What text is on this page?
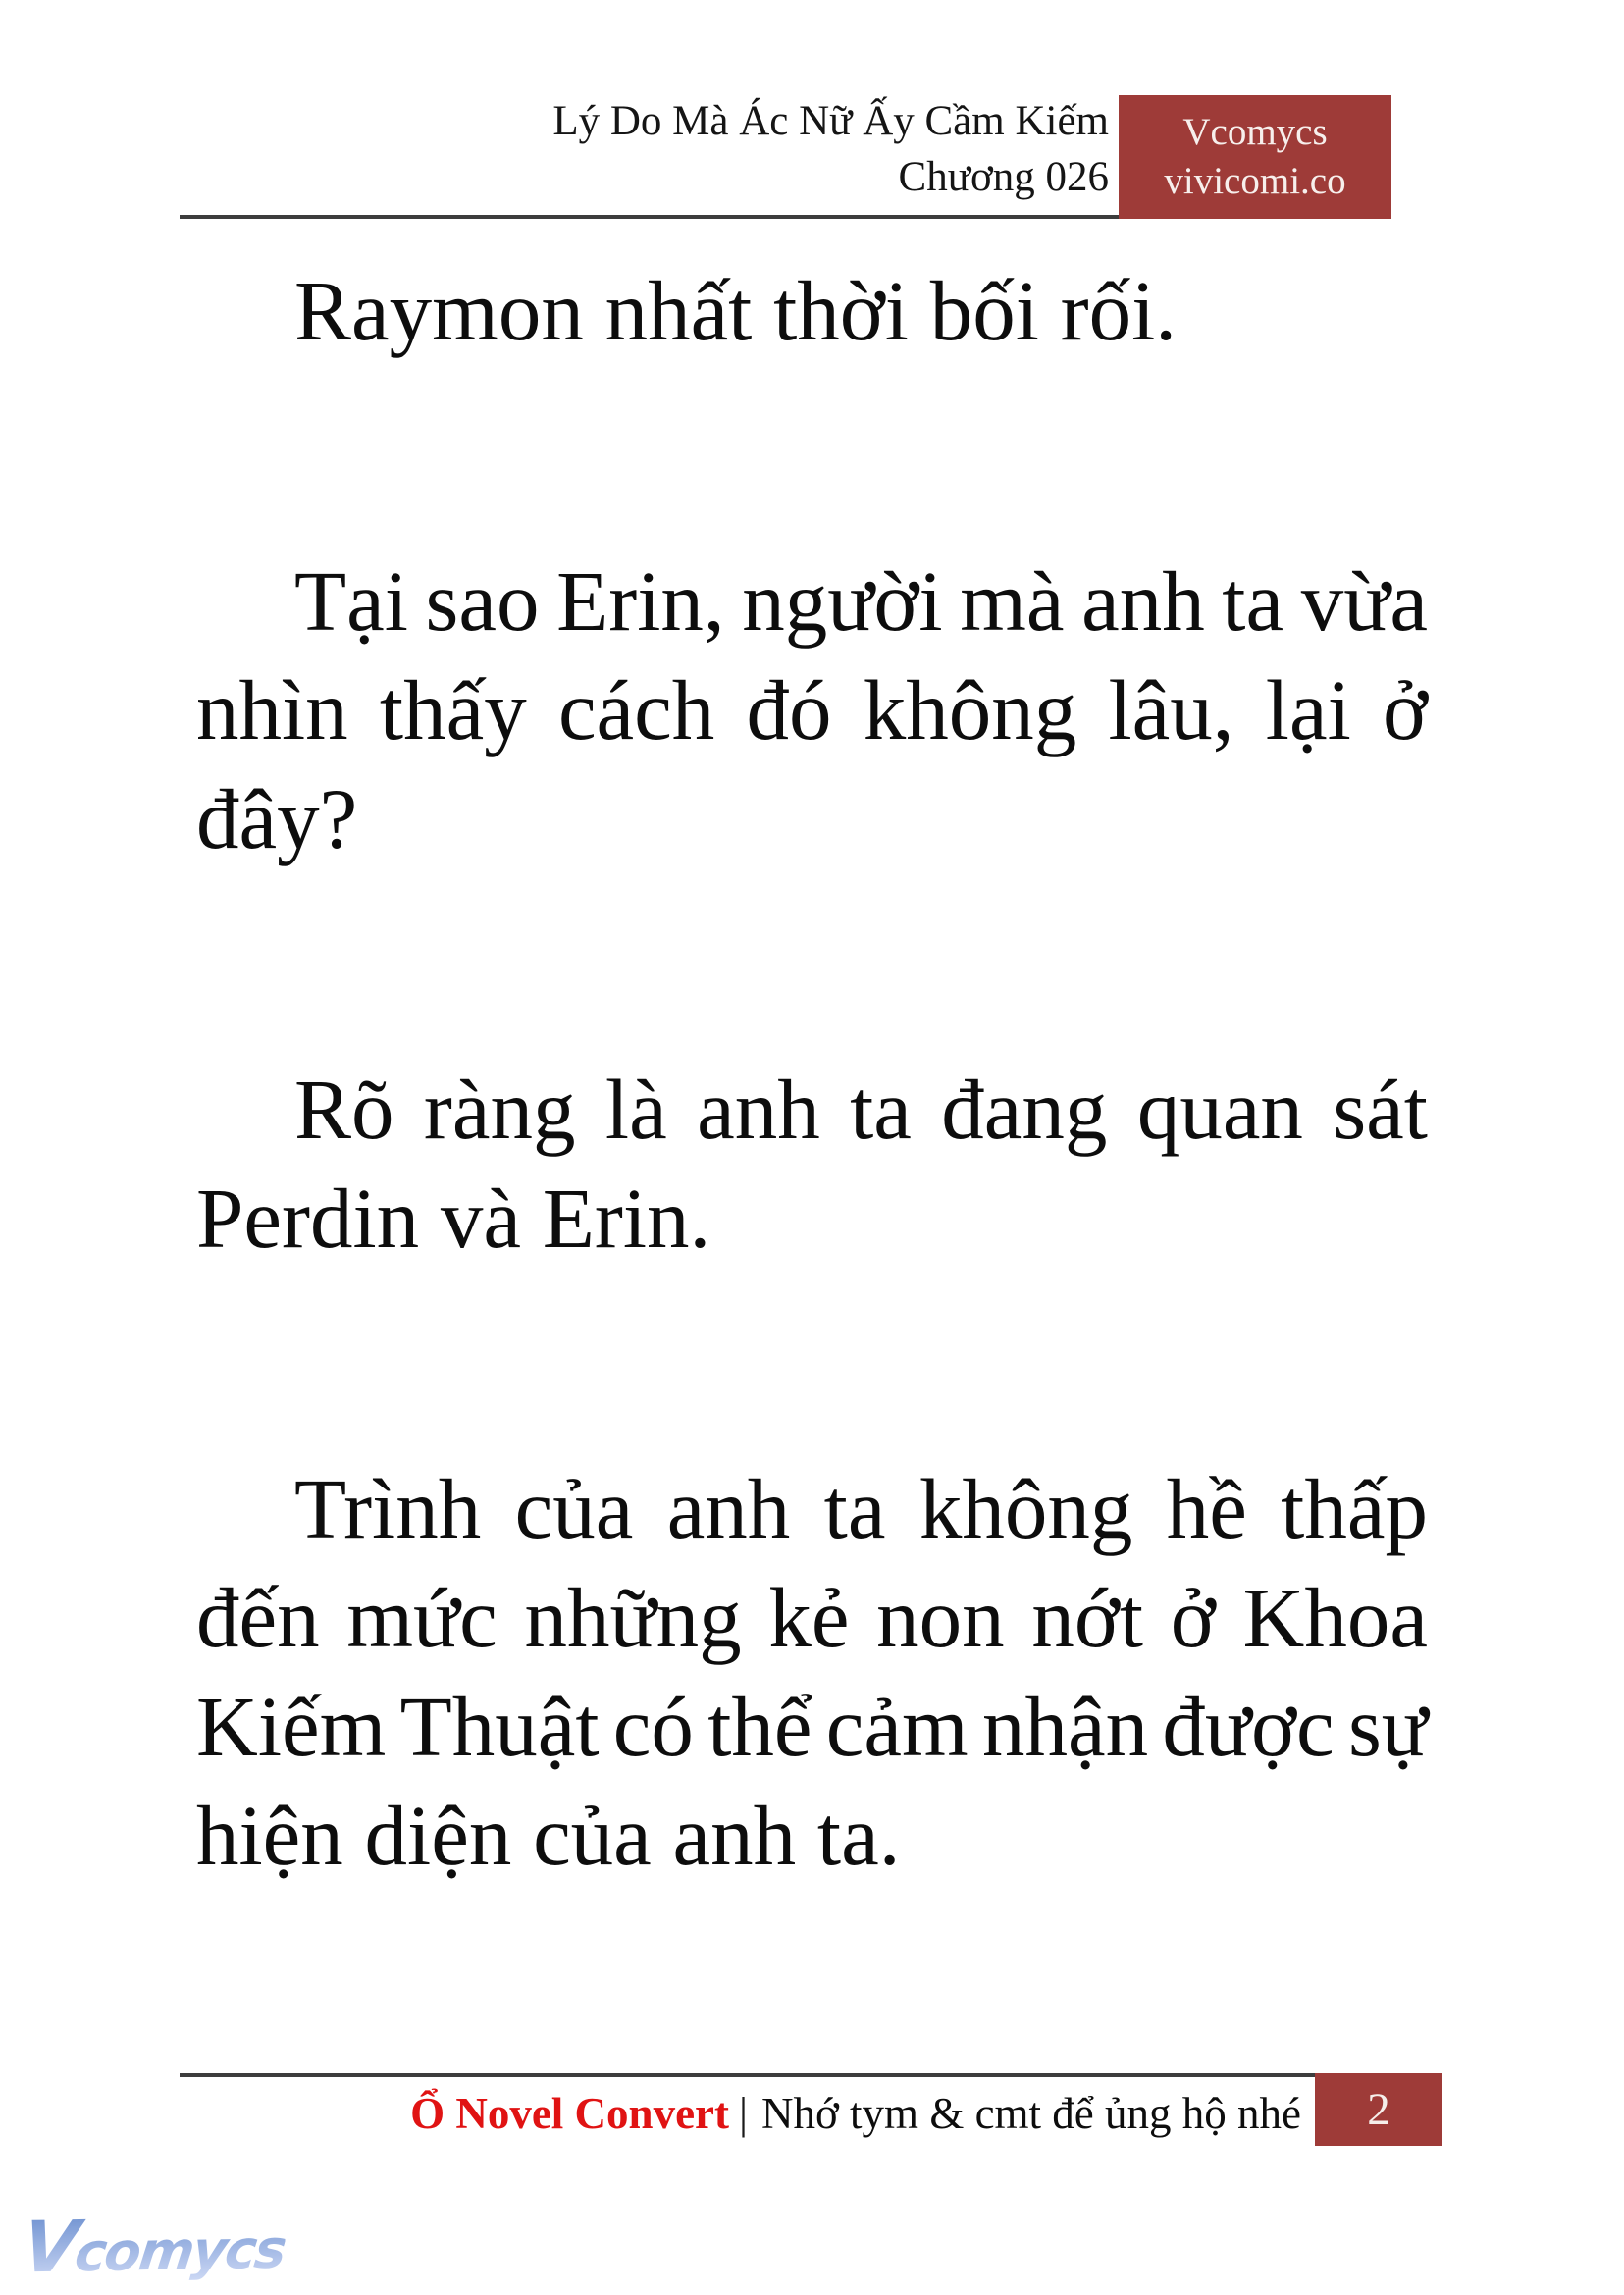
Lý Do Mà Ác Nữ Ấy Cầm Kiếm
Chương 026
Vcomycs
vivicomi.co
Raymon nhất thời bối rối.
Tại sao Erin, người mà anh ta vừa
nhìn thấy cách đó không lâu, lại ở
đây?
Rõ ràng là anh ta đang quan sát
Perdin và Erin.
Trình của anh ta không hề thấp
đến mức những kẻ non nớt ở Khoa
Kiếm Thuật có thể cảm nhận được sự
hiện diện của anh ta.
Ổ Novel Convert | Nhớ tym & cmt để ủng hộ nhé 2
Vcomycs
